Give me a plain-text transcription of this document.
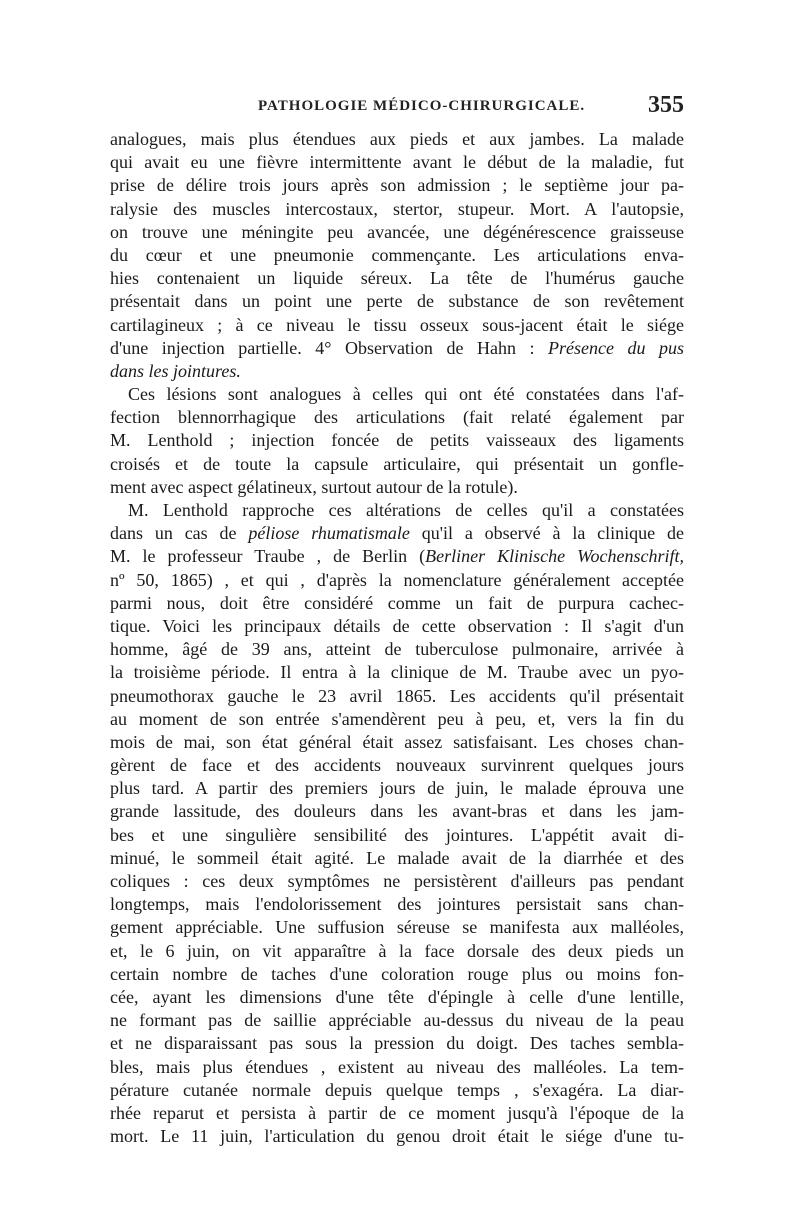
PATHOLOGIE MÉDICO-CHIRURGICALE.	355
analogues, mais plus étendues aux pieds et aux jambes. La malade
qui avait eu une fièvre intermittente avant le début de la maladie, fut
prise de délire trois jours après son admission ; le septième jour pa-
ralysie des muscles intercostaux, stertor, stupeur. Mort. A l'autopsie,
on trouve une méningite peu avancée, une dégénérescence graisseuse
du cœur et une pneumonie commençante. Les articulations enva-
hies contenaient un liquide séreux. La tête de l'humérus gauche
présentait dans un point une perte de substance de son revêtement
cartilagineux ; à ce niveau le tissu osseux sous-jacent était le siége
d'une injection partielle. 4° Observation de Hahn : Présence du pus
dans les jointures.
Ces lésions sont analogues à celles qui ont été constatées dans l'af-
fection blennorrhagique des articulations (fait relaté également par
M. Lenthold ; injection foncée de petits vaisseaux des ligaments
croisés et de toute la capsule articulaire, qui présentait un gonfle-
ment avec aspect gélatineux, surtout autour de la rotule).
M. Lenthold rapproche ces altérations de celles qu'il a constatées
dans un cas de péliose rhumatismale qu'il a observé à la clinique de
M. le professeur Traube , de Berlin (Berliner Klinische Wochenschrift,
nº 50, 1865) , et qui , d'après la nomenclature généralement acceptée
parmi nous, doit être considéré comme un fait de purpura cachec-
tique. Voici les principaux détails de cette observation : Il s'agit d'un
homme, âgé de 39 ans, atteint de tuberculose pulmonaire, arrivée à
la troisième période. Il entra à la clinique de M. Traube avec un pyo-
pneumothorax gauche le 23 avril 1865. Les accidents qu'il présentait
au moment de son entrée s'amendèrent peu à peu, et, vers la fin du
mois de mai, son état général était assez satisfaisant. Les choses chan-
gèrent de face et des accidents nouveaux survinrent quelques jours
plus tard. A partir des premiers jours de juin, le malade éprouva une
grande lassitude, des douleurs dans les avant-bras et dans les jam-
bes et une singulière sensibilité des jointures. L'appétit avait di-
minué, le sommeil était agité. Le malade avait de la diarrhée et des
coliques : ces deux symptômes ne persistèrent d'ailleurs pas pendant
longtemps, mais l'endolorissement des jointures persistait sans chan-
gement appréciable. Une suffusion séreuse se manifesta aux malléoles,
et, le 6 juin, on vit apparaître à la face dorsale des deux pieds un
certain nombre de taches d'une coloration rouge plus ou moins fon-
cée, ayant les dimensions d'une tête d'épingle à celle d'une lentille,
ne formant pas de saillie appréciable au-dessus du niveau de la peau
et ne disparaissant pas sous la pression du doigt. Des taches sembla-
bles, mais plus étendues , existent au niveau des malléoles. La tem-
pérature cutanée normale depuis quelque temps , s'exagéra. La diar-
rhée reparut et persista à partir de ce moment jusqu'à l'époque de la
mort. Le 11 juin, l'articulation du genou droit était le siége d'une tu-
